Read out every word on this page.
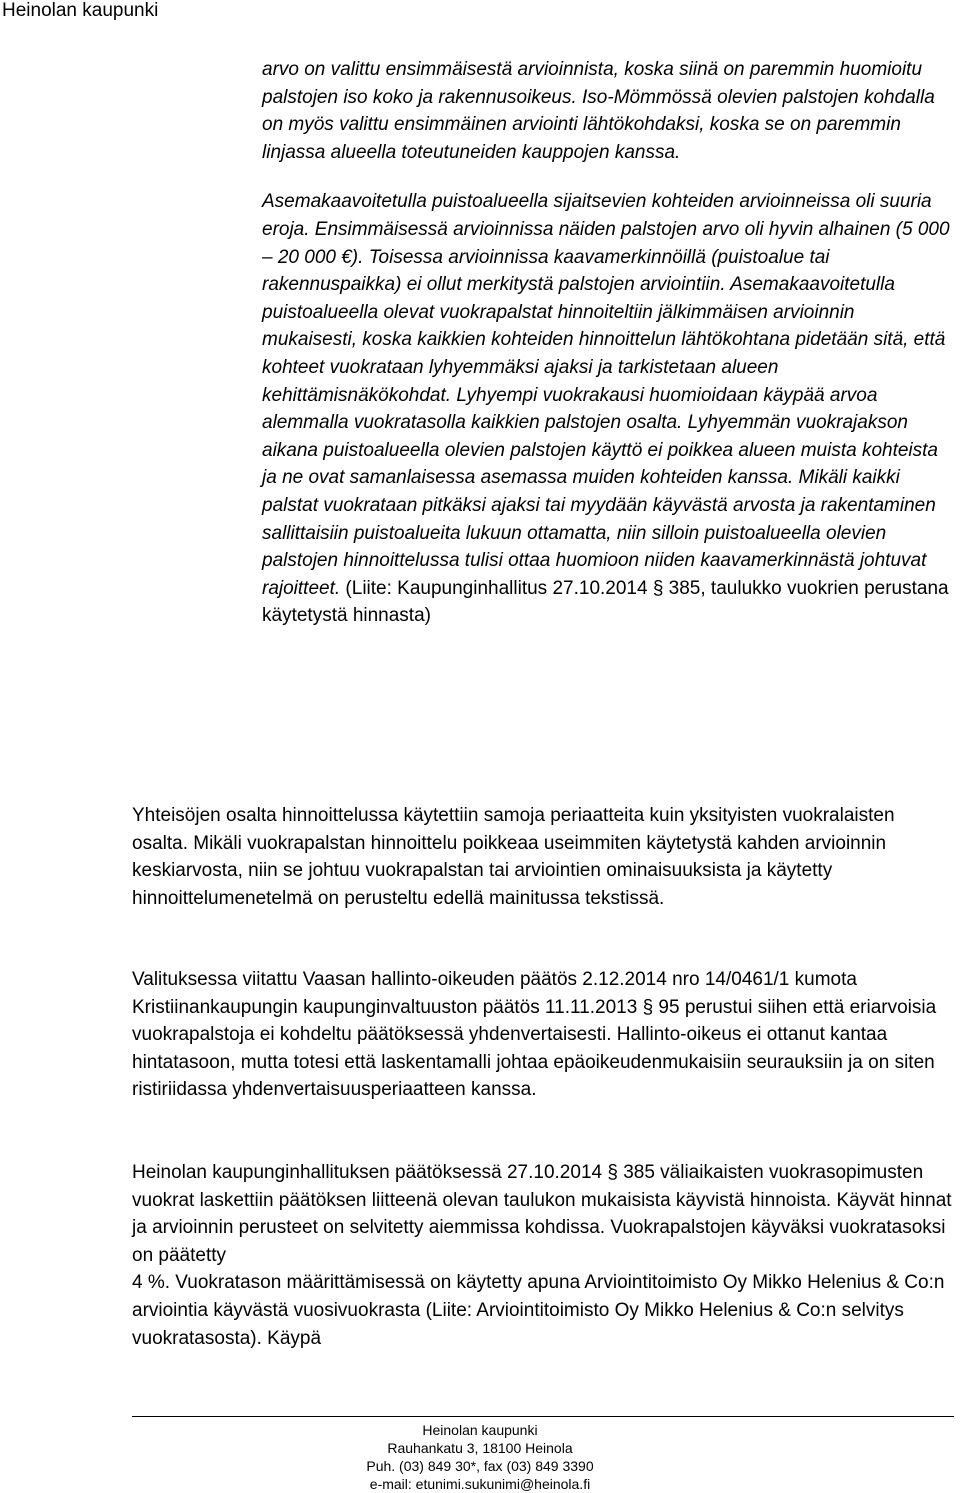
Heinolan kaupunki

arvo on valittu ensimmäisestä arvioinnista, koska siinä on paremmin huomioitu palstojen iso koko ja rakennusoikeus. Iso-Mömmössä olevien palstojen kohdalla on myös valittu ensimmäinen arviointi lähtökohdaksi, koska se on paremmin linjassa alueella toteutuneiden kauppojen kanssa.

Asemakaavoitetulla puistoalueella sijaitsevien kohteiden arvioinneissa oli suuria eroja. Ensimmäisessä arvioinnissa näiden palstojen arvo oli hyvin alhainen (5 000 – 20 000 €). Toisessa arvioinnissa kaavamerkinnöillä (puistoalue tai rakennuspaikka) ei ollut merkitystä palstojen arviointiin. Asemakaavoitetulla puistoalueella olevat vuokrapalstat hinnoiteltiin jälkimmäisen arvioinnin mukaisesti, koska kaikkien kohteiden hinnoittelun lähtökohtana pidetään sitä, että kohteet vuokrataan lyhyemmäksi ajaksi ja tarkistetaan alueen kehittämisnäkökohdat. Lyhyempi vuokrakausi huomioidaan käypää arvoa alemmalla vuokratasolla kaikkien palstojen osalta. Lyhyemmän vuokrajakson aikana puistoalueella olevien palstojen käyttö ei poikkea alueen muista kohteista ja ne ovat samanlaisessa asemassa muiden kohteiden kanssa. Mikäli kaikki palstat vuokrataan pitkäksi ajaksi tai myydään käyvästä arvosta ja rakentaminen sallittaisiin puistoalueita lukuun ottamatta, niin silloin puistoalueella olevien palstojen hinnoittelussa tulisi ottaa huomioon niiden kaavamerkinnästä johtuvat rajoitteet. (Liite: Kaupunginhallitus 27.10.2014 § 385, taulukko vuokrien perustana käytetystä hinnasta)

Yhteisöjen osalta hinnoittelussa käytettiin samoja periaatteita kuin yksityisten vuokralaisten osalta. Mikäli vuokrapalstan hinnoittelu poikkeaa useimmiten käytetystä kahden arvioinnin keskiarvosta, niin se johtuu vuokrapalstan tai arviointien ominaisuuksista ja käytetty hinnoittelumenetelmä on perusteltu edellä mainitussa tekstissä.

Valituksessa viitattu Vaasan hallinto-oikeuden päätös 2.12.2014 nro 14/0461/1 kumota Kristiinankaupungin kaupunginvaltuuston päätös 11.11.2013 § 95 perustui siihen että eriarvoisia vuokrapalstoja ei kohdeltu päätöksessä yhdenvertaisesti. Hallinto-oikeus ei ottanut kantaa hintatasoon, mutta totesi että laskentamalli johtaa epäoikeudenmukaisiin seurauksiin ja on siten ristiriidassa yhdenvertaisuusperiaatteen kanssa.

Heinolan kaupunginhallituksen päätöksessä 27.10.2014 § 385 väliaikaisten vuokrasopimusten vuokrat laskettiin päätöksen liitteenä olevan taulukon mukaisista käyvistä hinnoista. Käyvät hinnat ja arvioinnin perusteet on selvitetty aiemmissa kohdissa. Vuokrapalstojen käyväksi vuokratasoksi on päätetty

4 %. Vuokratason määrittämisessä on käytetty apuna Arviointitoimisto Oy Mikko Helenius & Co:n arviointia käyvästä vuosivuokrasta (Liite: Arviointitoimisto Oy Mikko Helenius & Co:n selvitys vuokratasosta). Käypä

Heinolan kaupunki
Rauhankatu 3, 18100 Heinola
Puh. (03) 849 30*, fax (03) 849 3390
e-mail: etunimi.sukunimi@heinola.fi
